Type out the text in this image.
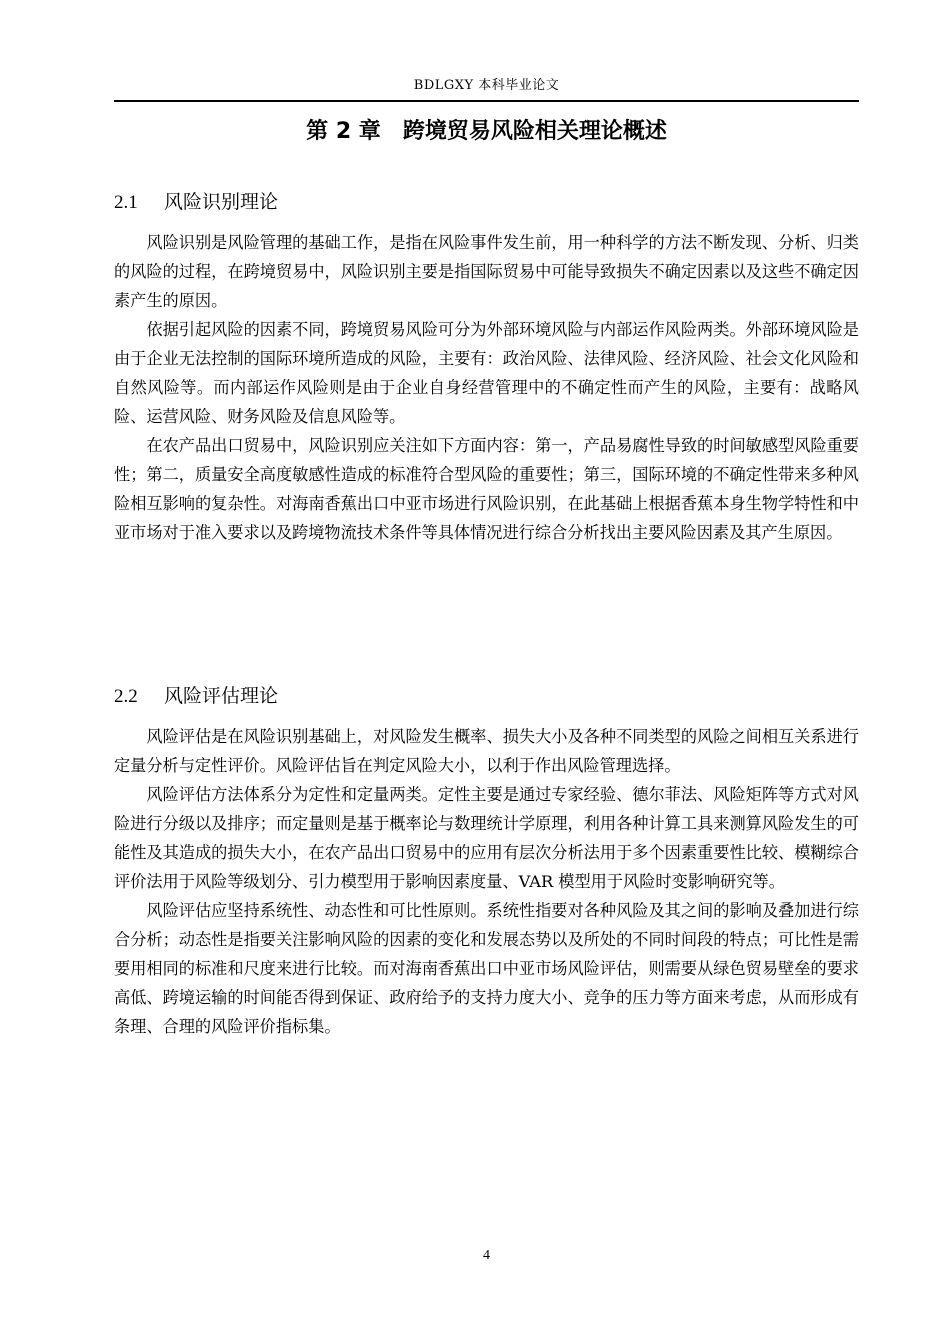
BDLGXY 本科毕业论文
第 2 章 跨境贸易风险相关理论概述
2.1 风险识别理论

风险识别是风险管理的基础工作，是指在风险事件发生前，用一种科学的方法不断发现、分析、归类的风险的过程，在跨境贸易中，风险识别主要是指国际贸易中可能导致损失不确定因素以及这些不确定因素产生的原因。

依据引起风险的因素不同，跨境贸易风险可分为外部环境风险与内部运作风险两类。外部环境风险是由于企业无法控制的国际环境所造成的风险，主要有：政治风险、法律风险、经济风险、社会文化风险和自然风险等。而内部运作风险则是由于企业自身经营管理中的不确定性而产生的风险，主要有：战略风险、运营风险、财务风险及信息风险等。

在农产品出口贸易中，风险识别应关注如下方面内容：第一，产品易腐性导致的时间敏感型风险重要性；第二，质量安全高度敏感性造成的标准符合型风险的重要性；第三，国际环境的不确定性带来多种风险相互影响的复杂性。对海南香蕉出口中亚市场进行风险识别，在此基础上根据香蕉本身生物学特性和中亚市场对于准入要求以及跨境物流技术条件等具体情况进行综合分析找出主要风险因素及其产生原因。

2.2 风险评估理论

风险评估是在风险识别基础上，对风险发生概率、损失大小及各种不同类型的风险之间相互关系进行定量分析与定性评价。风险评估旨在判定风险大小，以利于作出风险管理选择。

风险评估方法体系分为定性和定量两类。定性主要是通过专家经验、德尔菲法、风险矩阵等方式对风险进行分级以及排序；而定量则是基于概率论与数理统计学原理，利用各种计算工具来测算风险发生的可能性及其造成的损失大小，在农产品出口贸易中的应用有层次分析法用于多个因素重要性比较、模糊综合评价法用于风险等级划分、引力模型用于影响因素度量、VAR 模型用于风险时变影响研究等。

风险评估应坚持系统性、动态性和可比性原则。系统性指要对各种风险及其之间的影响及叠加进行综合分析；动态性是指要关注影响风险的因素的变化和发展态势以及所处的不同时间段的特点；可比性是需要用相同的标准和尺度来进行比较。而对海南香蕉出口中亚市场风险评估，则需要从绿色贸易壁垒的要求高低、跨境运输的时间能否得到保证、政府给予的支持力度大小、竞争的压力等方面来考虑，从而形成有条理、合理的风险评价指标集。

4
